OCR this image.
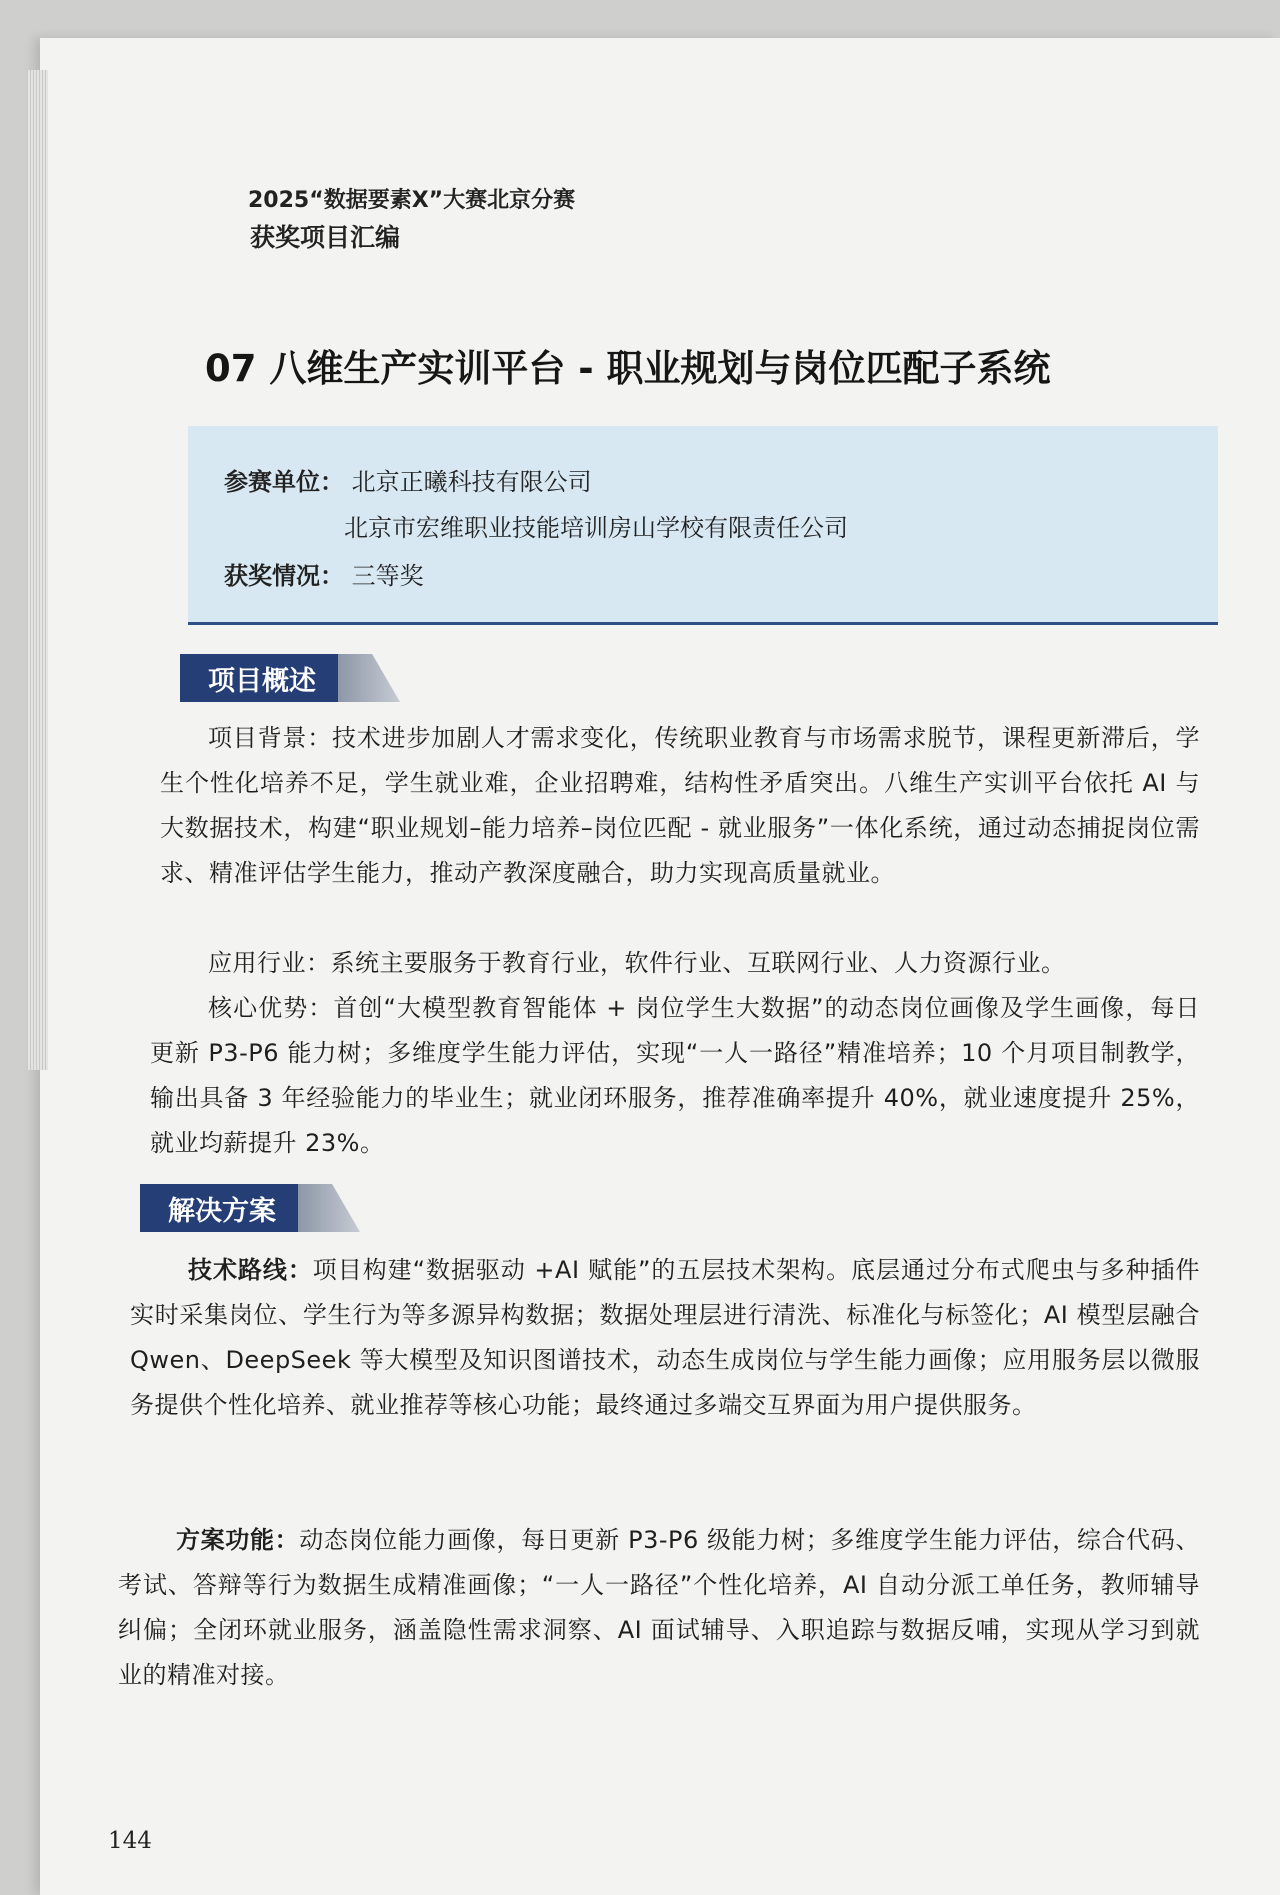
2025“数据要素Ⅹ”大赛北京分赛
获奖项目汇编
07 八维生产实训平台 - 职业规划与岗位匹配子系统
参赛单位： 北京正曦科技有限公司
北京市宏维职业技能培训房山学校有限责任公司
获奖情况： 三等奖
项目概述
项目背景：技术进步加剧人才需求变化，传统职业教育与市场需求脱节，课程更新滞后，学生个性化培养不足，学生就业难，企业招聘难，结构性矛盾突出。八维生产实训平台依托 AI 与大数据技术，构建“职业规划–能力培养–岗位匹配 - 就业服务”一体化系统，通过动态捕捉岗位需求、精准评估学生能力，推动产教深度融合，助力实现高质量就业。
应用行业：系统主要服务于教育行业，软件行业、互联网行业、人力资源行业。
核心优势：首创“大模型教育智能体 + 岗位学生大数据”的动态岗位画像及学生画像，每日更新 P3-P6 能力树；多维度学生能力评估，实现“一人一路径”精准培养；10 个月项目制教学，输出具备 3 年经验能力的毕业生；就业闭环服务，推荐准确率提升 40%，就业速度提升 25%，就业均薪提升 23%。
解决方案
技术路线：项目构建“数据驱动 +AI 赋能”的五层技术架构。底层通过分布式爬虫与多种插件实时采集岗位、学生行为等多源异构数据；数据处理层进行清洗、标准化与标签化；AI 模型层融合 Qwen、DeepSeek 等大模型及知识图谱技术，动态生成岗位与学生能力画像；应用服务层以微服务提供个性化培养、就业推荐等核心功能；最终通过多端交互界面为用户提供服务。
方案功能：动态岗位能力画像，每日更新 P3-P6 级能力树；多维度学生能力评估，综合代码、考试、答辩等行为数据生成精准画像；“一人一路径”个性化培养，AI 自动分派工单任务，教师辅导纠偏；全闭环就业服务，涵盖隐性需求洞察、AI 面试辅导、入职追踪与数据反哺，实现从学习到就业的精准对接。
144
